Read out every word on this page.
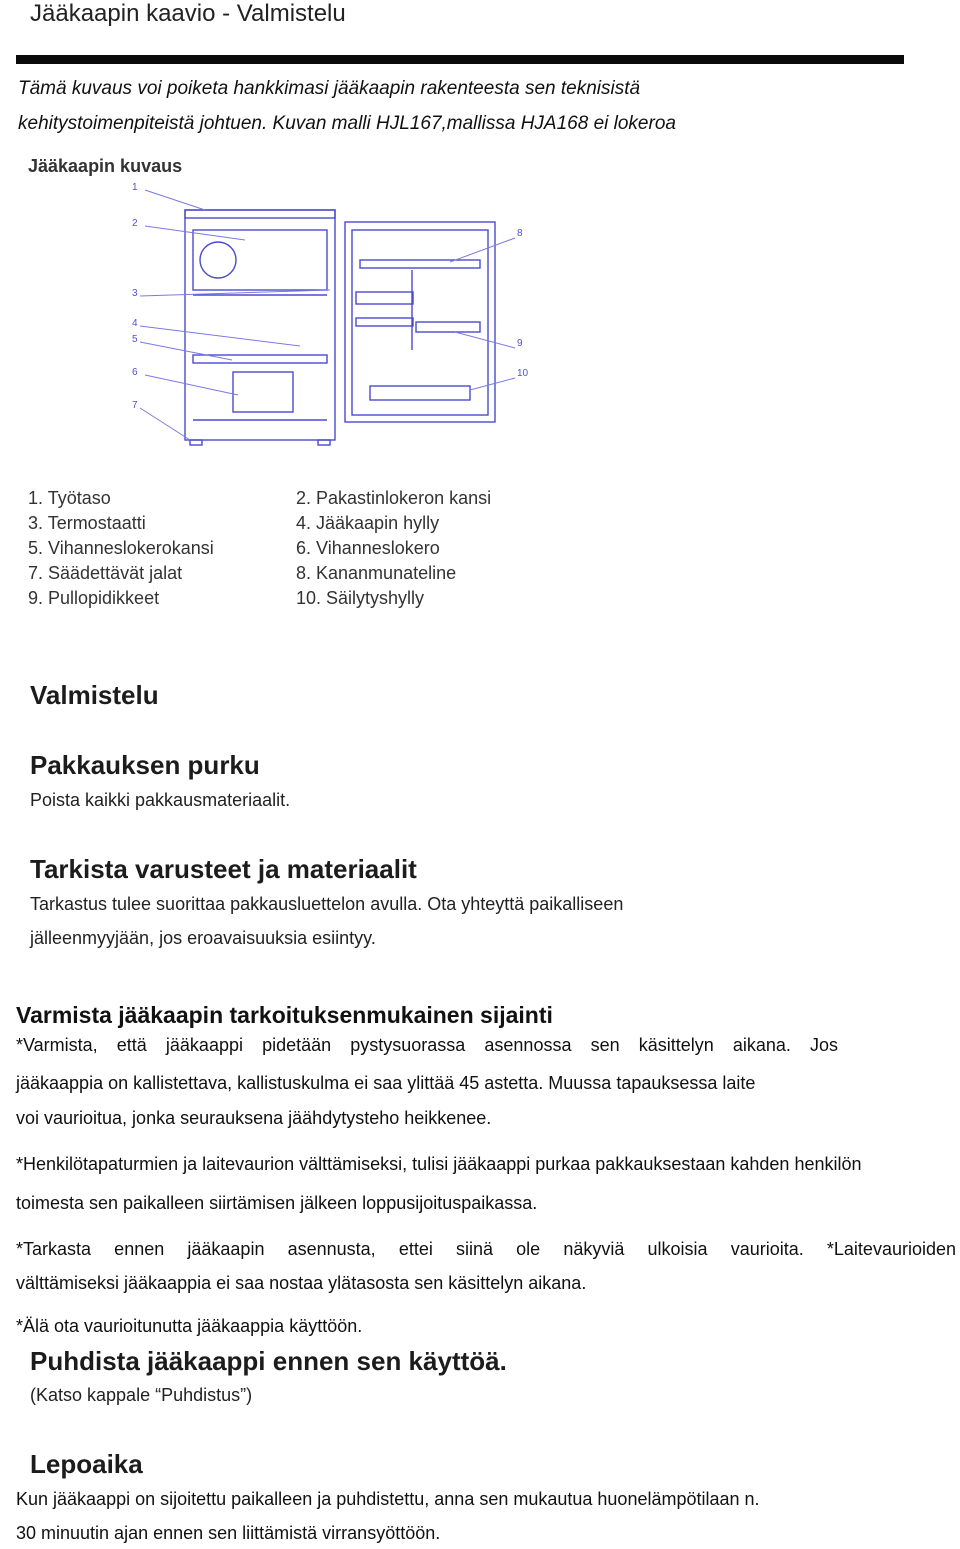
Jääkaapin kaavio - Valmistelu
Tämä kuvaus voi poiketa hankkimasi jääkaapin rakenteesta sen teknisistä
kehitystoimenpiteistä johtuen. Kuvan malli HJL167,mallissa HJA168 ei lokeroa
Jääkaapin kuvaus
1
2
3
4
5
6
7
8
9
10
1. Työtaso	2. Pakastinlokeron kansi
3. Termostaatti	4. Jääkaapin hylly
5. Vihanneslokerokansi	6. Vihanneslokero
7. Säädettävät jalat	8. Kananmunateline
9. Pullopidikkeet	10. Säilytyshylly
Valmistelu
Pakkauksen purku
Poista kaikki pakkausmateriaalit.
Tarkista varusteet ja materiaalit
Tarkastus tulee suorittaa pakkausluettelon avulla. Ota yhteyttä paikalliseen
jälleenmyyjään, jos eroavaisuuksia esiintyy.
Varmista jääkaapin tarkoituksenmukainen sijainti
*Varmista, että jääkaappi pidetään pystysuorassa asennossa sen käsittelyn aikana. Jos
jääkaappia on kallistettava, kallistuskulma ei saa ylittää 45 astetta. Muussa tapauksessa laite
voi vaurioitua, jonka seurauksena jäähdytysteho heikkenee.
*Henkilötapaturmien ja laitevaurion välttämiseksi, tulisi jääkaappi purkaa pakkauksestaan kahden henkilön
toimesta sen paikalleen siirtämisen jälkeen loppusijoituspaikassa.
*Tarkasta ennen jääkaapin asennusta, ettei siinä ole näkyviä ulkoisia vaurioita. *Laitevaurioiden
välttämiseksi jääkaappia ei saa nostaa ylätasosta sen käsittelyn aikana.
*Älä ota vaurioitunutta jääkaappia käyttöön.
Puhdista jääkaappi ennen sen käyttöä.
(Katso kappale “Puhdistus”)
Lepoaika
Kun jääkaappi on sijoitettu paikalleen ja puhdistettu, anna sen mukautua huonelämpötilaan n.
30 minuutin ajan ennen sen liittämistä virransyöttöön.
